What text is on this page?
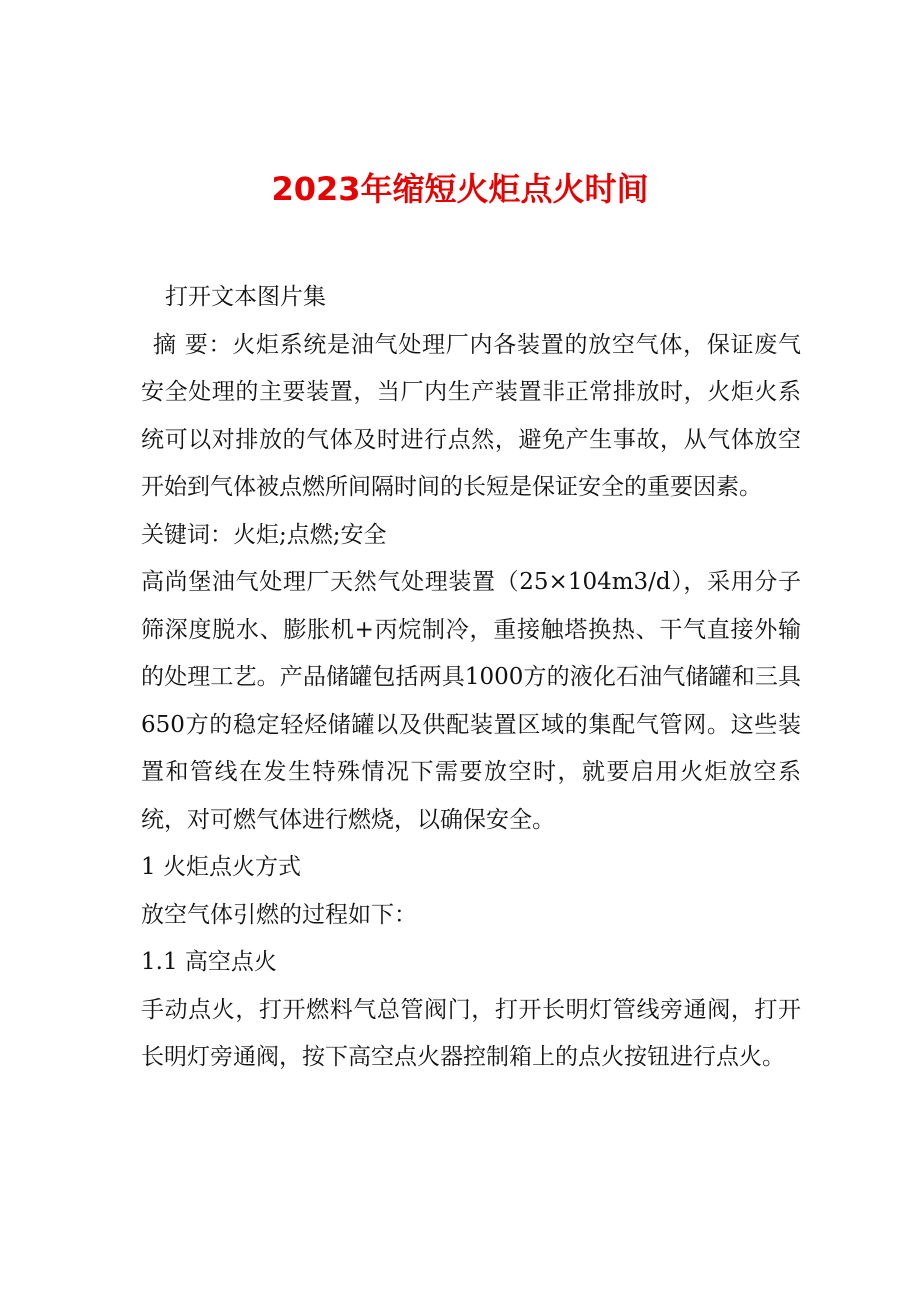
2023年缩短火炬点火时间

打开文本图片集

摘 要：火炬系统是油气处理厂内各装置的放空气体，保证废气安全处理的主要装置，当厂内生产装置非正常排放时，火炬火系统可以对排放的气体及时进行点然，避免产生事故，从气体放空开始到气体被点燃所间隔时间的长短是保证安全的重要因素。

关键词：火炬;点燃;安全

高尚堡油气处理厂天然气处理装置（25×104m3/d），采用分子筛深度脱水、膨胀机+丙烷制冷，重接触塔换热、干气直接外输的处理工艺。产品储罐包括两具1000方的液化石油气储罐和三具650方的稳定轻烃储罐以及供配装置区域的集配气管网。这些装置和管线在发生特殊情况下需要放空时，就要启用火炬放空系统，对可燃气体进行燃烧，以确保安全。

1 火炬点火方式

放空气体引燃的过程如下：

1.1 高空点火

手动点火，打开燃料气总管阀门，打开长明灯管线旁通阀，打开长明灯旁通阀，按下高空点火器控制箱上的点火按钮进行点火。
